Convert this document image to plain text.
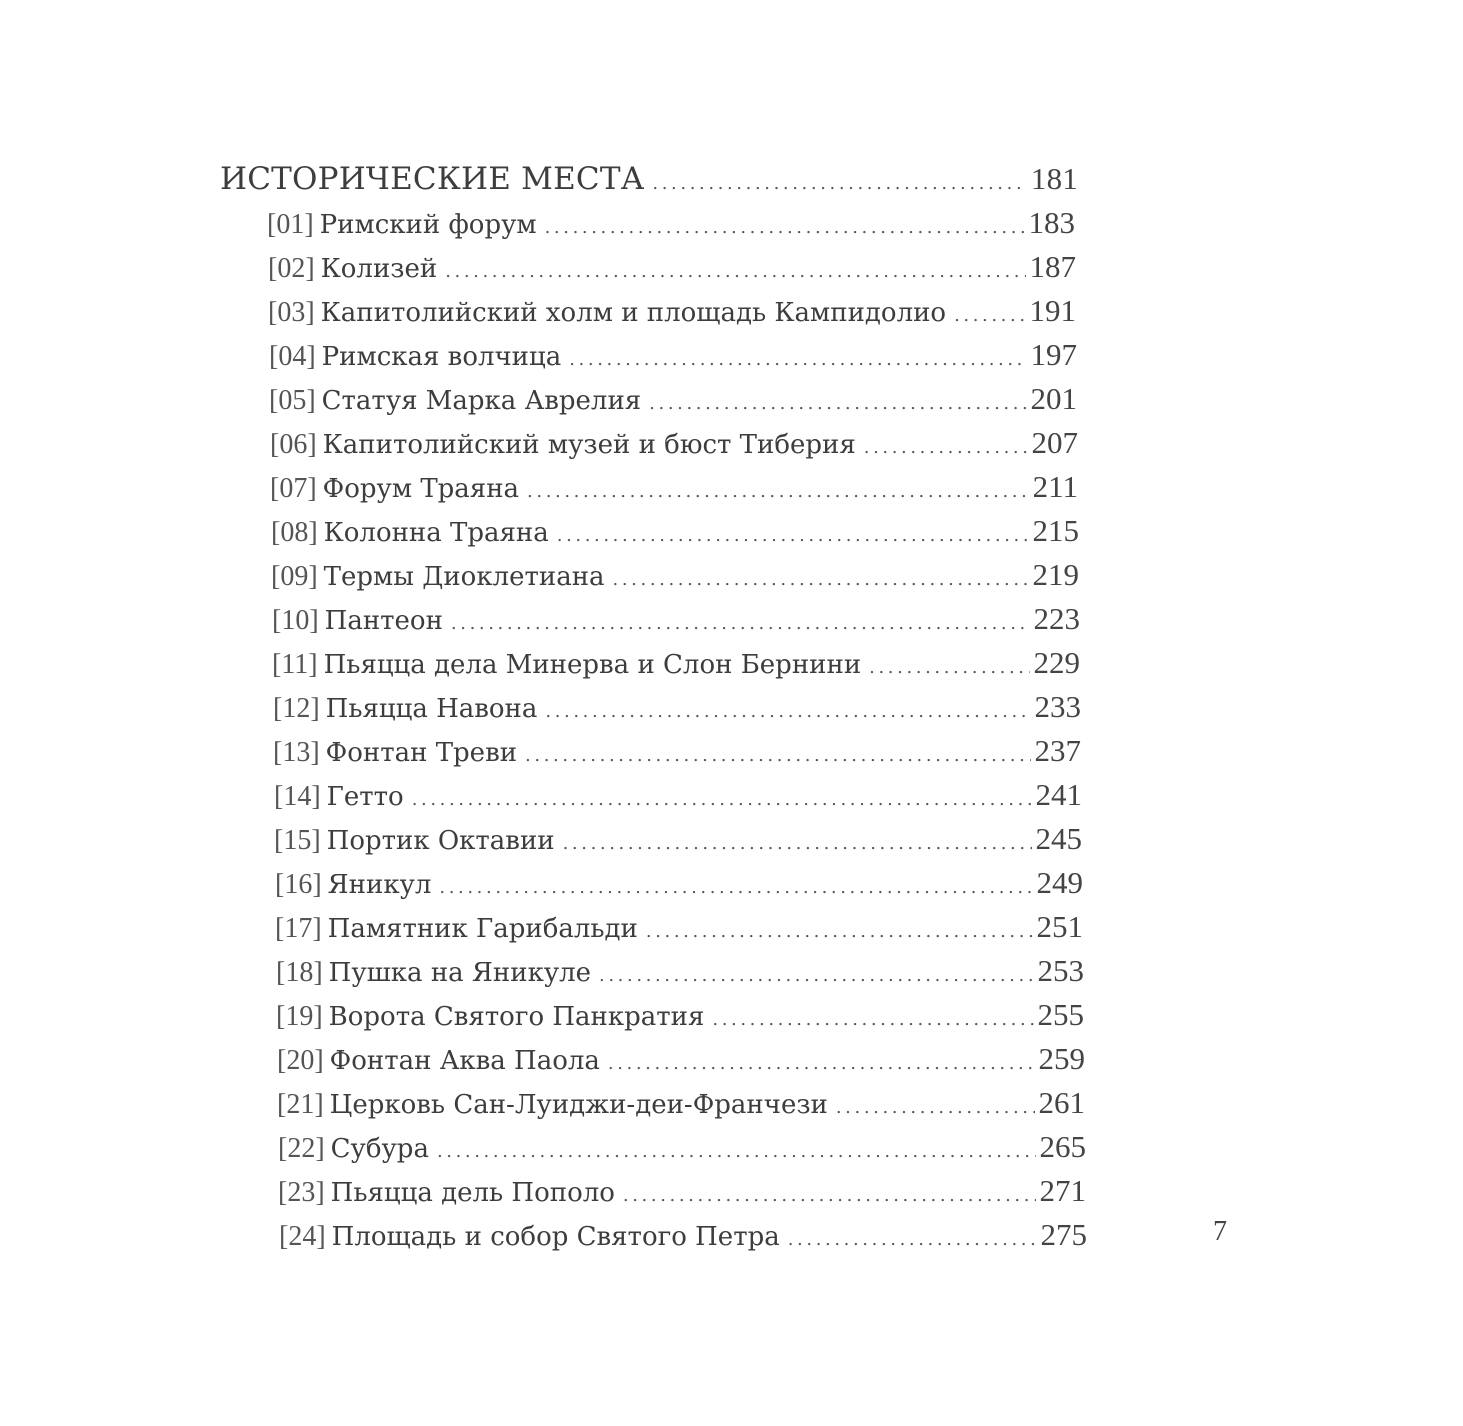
ИСТОРИЧЕСКИЕ МЕСТА .....	181
[01] Римский форум .....	183
[02] Колизей .....	187
[03] Капитолийский холм и площадь Кампидолио .....	191
[04] Римская волчица .....	197
[05] Статуя Марка Аврелия .....	201
[06] Капитолийский музей и бюст Тиберия .....	207
[07] Форум Траяна .....	211
[08] Колонна Траяна .....	215
[09] Термы Диоклетиана .....	219
[10] Пантеон .....	223
[11] Пьяцца дела Минерва и Слон Бернини .....	229
[12] Пьяцца Навона .....	233
[13] Фонтан Треви .....	237
[14] Гетто .....	241
[15] Портик Октавии .....	245
[16] Яникул .....	249
[17] Памятник Гарибальди .....	251
[18] Пушка на Яникуле .....	253
[19] Ворота Святого Панкратия .....	255
[20] Фонтан Аква Паола .....	259
[21] Церковь Сан-Луиджи-деи-Франчези .....	261
[22] Субура .....	265
[23] Пьяцца дель Пополо .....	271
[24] Площадь и собор Святого Петра .....	275	7
